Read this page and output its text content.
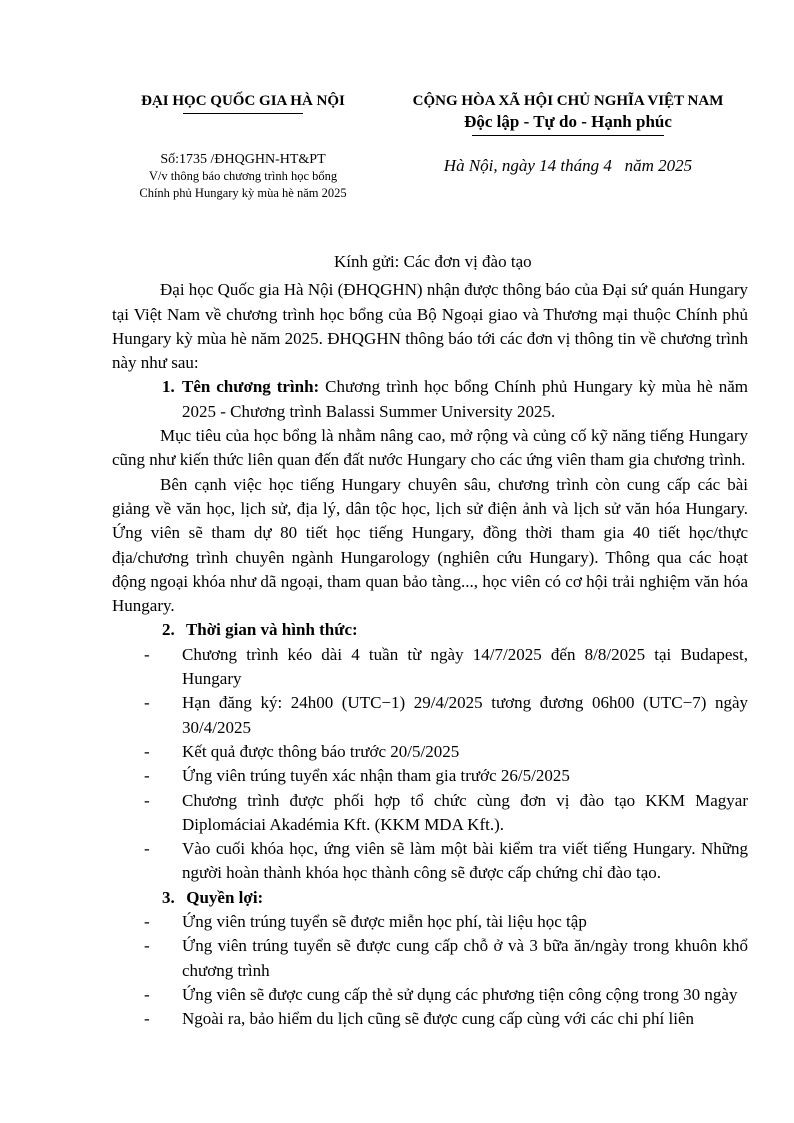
ĐẠI HỌC QUỐC GIA HÀ NỘI
Số:1735 /ĐHQGHN-HT&PT
V/v thông báo chương trình học bổng
Chính phủ Hungary kỳ mùa hè năm 2025
CỘNG HÒA XÃ HỘI CHỦ NGHĨA VIỆT NAM
Độc lập - Tự do - Hạnh phúc
Hà Nội, ngày 14 tháng 4   năm 2025
Kính gửi: Các đơn vị đào tạo

Đại học Quốc gia Hà Nội (ĐHQGHN) nhận được thông báo của Đại sứ quán Hungary tại Việt Nam về chương trình học bổng của Bộ Ngoại giao và Thương mại thuộc Chính phủ Hungary kỳ mùa hè năm 2025. ĐHQGHN thông báo tới các đơn vị thông tin về chương trình này như sau:

1. Tên chương trình: Chương trình học bổng Chính phủ Hungary kỳ mùa hè năm 2025 - Chương trình Balassi Summer University 2025.

Mục tiêu của học bổng là nhằm nâng cao, mở rộng và củng cố kỹ năng tiếng Hungary cũng như kiến thức liên quan đến đất nước Hungary cho các ứng viên tham gia chương trình.

Bên cạnh việc học tiếng Hungary chuyên sâu, chương trình còn cung cấp các bài giảng về văn học, lịch sử, địa lý, dân tộc học, lịch sử điện ảnh và lịch sử văn hóa Hungary. Ứng viên sẽ tham dự 80 tiết học tiếng Hungary, đồng thời tham gia 40 tiết học/thực địa/chương trình chuyên ngành Hungarology (nghiên cứu Hungary). Thông qua các hoạt động ngoại khóa như dã ngoại, tham quan bảo tàng..., học viên có cơ hội trải nghiệm văn hóa Hungary.

2. Thời gian và hình thức:

- Chương trình kéo dài 4 tuần từ ngày 14/7/2025 đến 8/8/2025 tại Budapest, Hungary

- Hạn đăng ký: 24h00 (UTC−1) 29/4/2025 tương đương 06h00 (UTC−7) ngày 30/4/2025

- Kết quả được thông báo trước 20/5/2025

- Ứng viên trúng tuyển xác nhận tham gia trước 26/5/2025

- Chương trình được phối hợp tổ chức cùng đơn vị đào tạo KKM Magyar Diplomáciai Akadémia Kft. (KKM MDA Kft.).

- Vào cuối khóa học, ứng viên sẽ làm một bài kiểm tra viết tiếng Hungary. Những người hoàn thành khóa học thành công sẽ được cấp chứng chỉ đào tạo.

3. Quyền lợi:

- Ứng viên trúng tuyển sẽ được miễn học phí, tài liệu học tập

- Ứng viên trúng tuyển sẽ được cung cấp chỗ ở và 3 bữa ăn/ngày trong khuôn khổ chương trình

- Ứng viên sẽ được cung cấp thẻ sử dụng các phương tiện công cộng trong 30 ngày

- Ngoài ra, bảo hiểm du lịch cũng sẽ được cung cấp cùng với các chi phí liên
